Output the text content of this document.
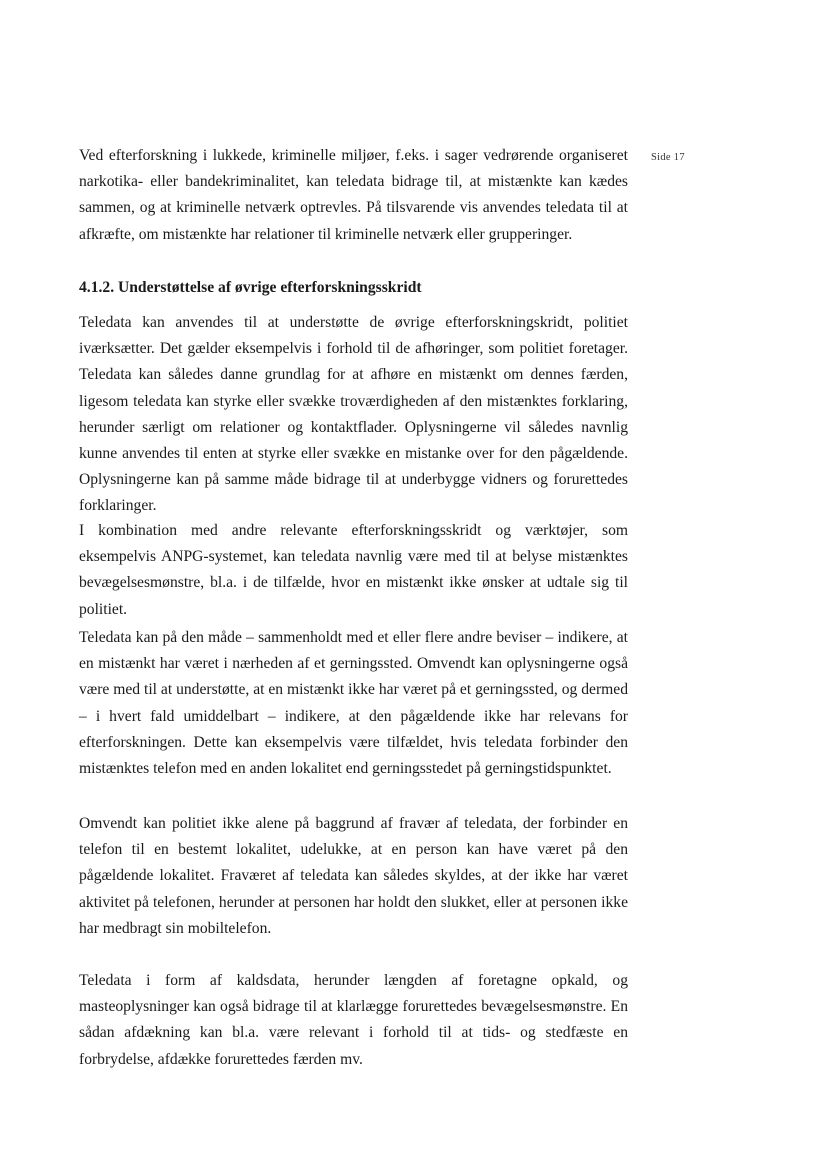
Side 17

Ved efterforskning i lukkede, kriminelle miljøer, f.eks. i sager vedrørende organiseret narkotika- eller bandekriminalitet, kan teledata bidrage til, at mistænkte kan kædes sammen, og at kriminelle netværk optrevles. På tilsvarende vis anvendes teledata til at afkræfte, om mistænkte har relationer til kriminelle netværk eller grupperinger.

4.1.2. Understøttelse af øvrige efterforskningsskridt

Teledata kan anvendes til at understøtte de øvrige efterforskningskridt, politiet iværksætter. Det gælder eksempelvis i forhold til de afhøringer, som politiet foretager. Teledata kan således danne grundlag for at afhøre en mistænkt om dennes færden, ligesom teledata kan styrke eller svække troværdigheden af den mistænktes forklaring, herunder særligt om relationer og kontaktflader. Oplysningerne vil således navnlig kunne anvendes til enten at styrke eller svække en mistanke over for den pågældende. Oplysningerne kan på samme måde bidrage til at underbygge vidners og forurettedes forklaringer.

I kombination med andre relevante efterforskningsskridt og værktøjer, som eksempelvis ANPG-systemet, kan teledata navnlig være med til at belyse mistænktes bevægelsesmønstre, bl.a. i de tilfælde, hvor en mistænkt ikke ønsker at udtale sig til politiet.

Teledata kan på den måde – sammenholdt med et eller flere andre beviser – indikere, at en mistænkt har været i nærheden af et gerningssted. Omvendt kan oplysningerne også være med til at understøtte, at en mistænkt ikke har været på et gerningssted, og dermed – i hvert fald umiddelbart – indikere, at den pågældende ikke har relevans for efterforskningen. Dette kan eksempelvis være tilfældet, hvis teledata forbinder den mistænktes telefon med en anden lokalitet end gerningsstedet på gerningstidspunktet.

Omvendt kan politiet ikke alene på baggrund af fravær af teledata, der forbinder en telefon til en bestemt lokalitet, udelukke, at en person kan have været på den pågældende lokalitet. Fraværet af teledata kan således skyldes, at der ikke har været aktivitet på telefonen, herunder at personen har holdt den slukket, eller at personen ikke har medbragt sin mobiltelefon.

Teledata i form af kaldsdata, herunder længden af foretagne opkald, og masteoplysninger kan også bidrage til at klarlægge forurettedes bevægelsesmønstre. En sådan afdækning kan bl.a. være relevant i forhold til at tids- og stedfæste en forbrydelse, afdække forurettedes færden mv.
